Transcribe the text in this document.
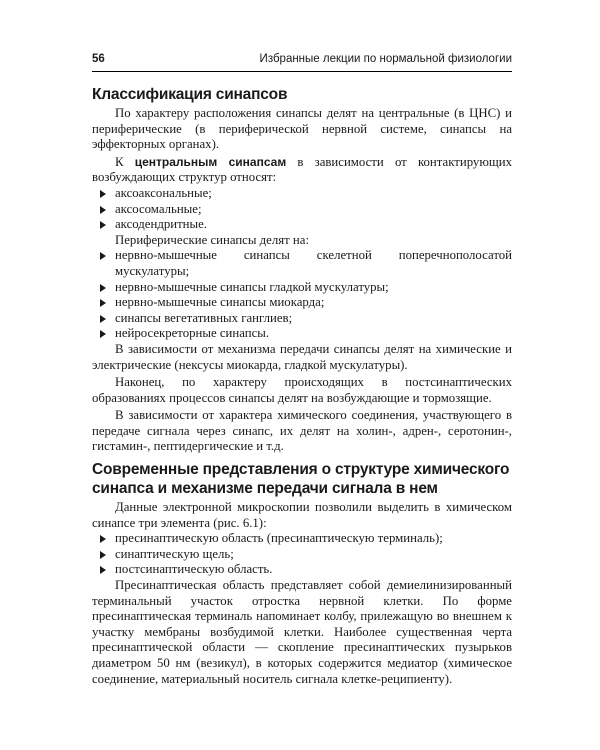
56	Избранные лекции по нормальной физиологии
Классификация синапсов

По характеру расположения синапсы делят на центральные (в ЦНС) и периферические (в периферической нервной системе, синапсы на эффекторных органах).

К центральным синапсам в зависимости от контактирующих возбуждающих структур относят:

аксоаксональные;
аксосомальные;
аксодендритные.

Периферические синапсы делят на:

нервно-мышечные синапсы скелетной поперечнополосатой мускулатуры;
нервно-мышечные синапсы гладкой мускулатуры;
нервно-мышечные синапсы миокарда;
синапсы вегетативных ганглиев;
нейросекреторные синапсы.

В зависимости от механизма передачи синапсы делят на химические и электрические (нексусы миокарда, гладкой мускулатуры).

Наконец, по характеру происходящих в постсинаптических образованиях процессов синапсы делят на возбуждающие и тормозящие.

В зависимости от характера химического соединения, участвующего в передаче сигнала через синапс, их делят на холин-, адрен-, серотонин-, гистамин-, пептидергические и т.д.

Современные представления о структуре химического синапса и механизме передачи сигнала в нем

Данные электронной микроскопии позволили выделить в химическом синапсе три элемента (рис. 6.1):

пресинаптическую область (пресинаптическую терминаль);
синаптическую щель;
постсинаптическую область.

Пресинаптическая область представляет собой демиелинизированный терминальный участок отростка нервной клетки. По форме пресинаптическая терминаль напоминает колбу, прилежащую во внешнем к участку мембраны возбудимой клетки. Наиболее существенная черта пресинаптической области — скопление пресинаптических пузырьков диаметром 50 нм (везикул), в которых содержится медиатор (химическое соединение, материальный носитель сигнала клетке-реципиенту).
